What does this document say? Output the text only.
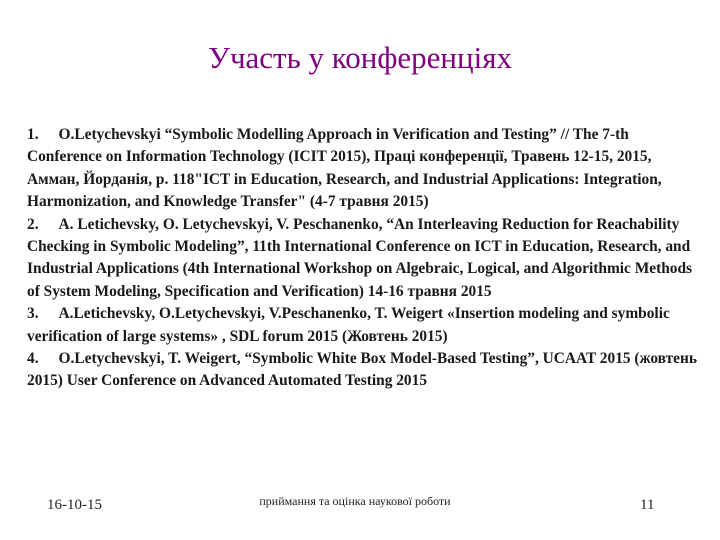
Участь у конференціях
1. O.Letychevskyi “Symbolic Modelling Approach in Verification and Testing” // The 7-th Conference on Information Technology (ICIT 2015), Праці конференції, Травень 12-15, 2015, Амман, Йорданія, p. 118"ICT in Education, Research, and Industrial Applications: Integration, Harmonization, and Knowledge Transfer" (4-7 травня 2015)
2. A. Letichevsky, O. Letychevskyi, V. Peschanenko, “An Interleaving Reduction for Reachability Checking in Symbolic Modeling”, 11th International Conference on ICT in Education, Research, and Industrial Applications (4th International Workshop on Algebraic, Logical, and Algorithmic Methods of System Modeling, Specification and Verification) 14-16 травня 2015
3. A.Letichevsky, O.Letychevskyi, V.Peschanenko, T. Weigert «Insertion modeling and symbolic verification of large systems» , SDL forum 2015 (Жовтень 2015)
4. O.Letychevskyi, T. Weigert, “Symbolic White Box Model-Based Testing”, UCAAT 2015 (жовтень 2015) User Conference on Advanced Automated Testing 2015
16-10-15	приймання та оцінка наукової роботи	11
